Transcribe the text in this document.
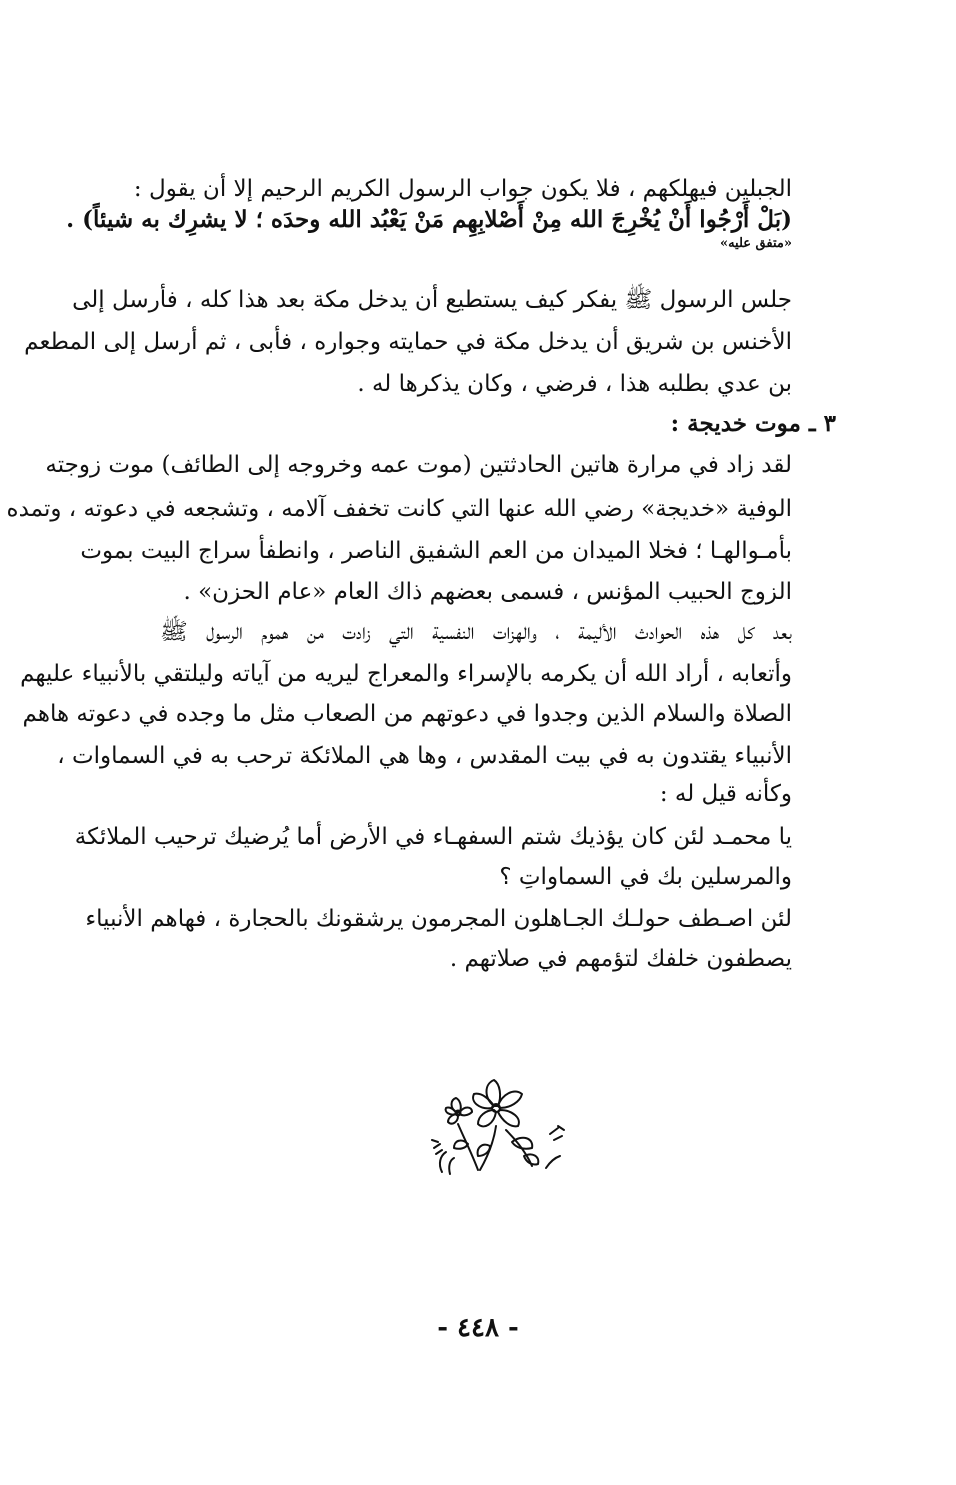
الجبلين فيهلكهم ، فلا يكون جواب الرسول الكريم الرحيم إلا أن يقول :
(بَلْ أَرْجُوا أَنْ يُخْرِجَ الله مِنْ أَصْلابِهِم مَنْ يَعْبُد الله وحدَه ؛ لا يشرِك به شيئاً) .
«متفق عليه»
جلس الرسول ﷺ يفكر كيف يستطيع أن يدخل مكة بعد هذا كله ، فأرسل إلى
الأخنس بن شريق أن يدخل مكة في حمايته وجواره ، فأبى ، ثم أرسل إلى المطعم
بن عدي بطلبه هذا ، فرضي ، وكان يذكرها له .
٣ ـ موت خديجة :
لقد زاد في مرارة هاتين الحادثتين (موت عمه وخروجه إلى الطائف) موت زوجته
الوفية «خديجة» رضي الله عنها التي كانت تخفف آلامه ، وتشجعه في دعوته ، وتمده
بأمـوالهـا ؛ فخلا الميدان من العم الشفيق الناصر ، وانطفأ سراج البيت بموت
الزوج الحبيب المؤنس ، فسمى بعضهم ذاك العام «عام الحزن» .
بعد كل هذه الحوادث الأليمة ، والهزات النفسية التي زادت من هموم الرسول ﷺ
وأتعابه ، أراد الله أن يكرمه بالإسراء والمعراج ليريه من آياته وليلتقي بالأنبياء عليهم
الصلاة والسلام الذين وجدوا في دعوتهم من الصعاب مثل ما وجده في دعوته هاهم
الأنبياء يقتدون به في بيت المقدس ، وها هي الملائكة ترحب به في السماوات ،
وكأنه قيل له :
يا محمـد لئن كان يؤذيك شتم السفهـاء في الأرض أما يُرضيك ترحيب الملائكة
والمرسلين بك في السماواتِ ؟
لئن اصـطف حولـك الجـاهلون المجرمون يرشقونك بالحجارة ، فهاهم الأنبياء
يصطفون خلفك لتؤمهم في صلاتهم .
- ٤٤٨ -
